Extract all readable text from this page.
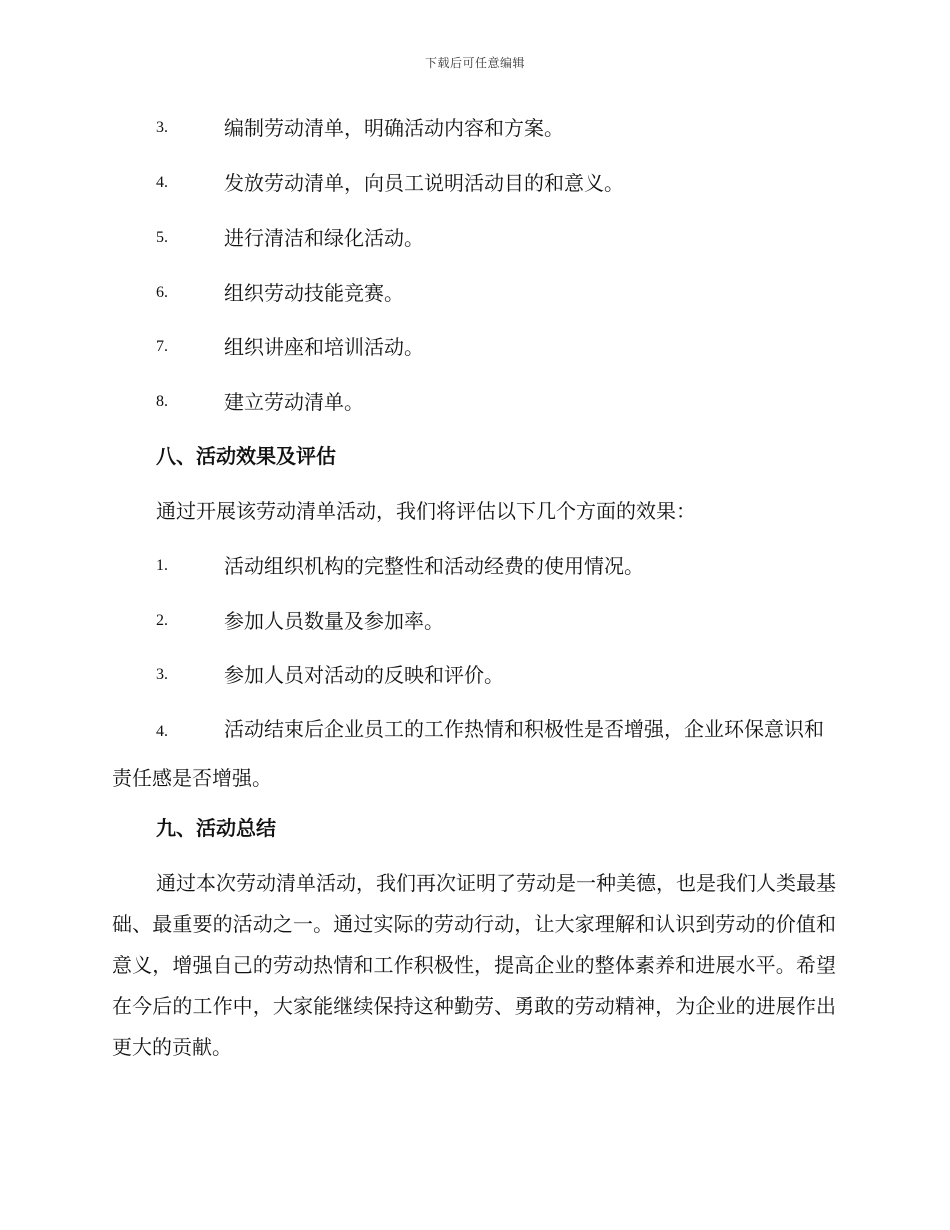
下载后可任意编辑
3.	编制劳动清单，明确活动内容和方案。
4.	发放劳动清单，向员工说明活动目的和意义。
5.	进行清洁和绿化活动。
6.	组织劳动技能竞赛。
7.	组织讲座和培训活动。
8.	建立劳动清单。
八、活动效果及评估
通过开展该劳动清单活动，我们将评估以下几个方面的效果：
1.	活动组织机构的完整性和活动经费的使用情况。
2.	参加人员数量及参加率。
3.	参加人员对活动的反映和评价。
4.	活动结束后企业员工的工作热情和积极性是否增强，企业环保意识和责任感是否增强。
九、活动总结
通过本次劳动清单活动，我们再次证明了劳动是一种美德，也是我们人类最基础、最重要的活动之一。通过实际的劳动行动，让大家理解和认识到劳动的价值和意义，增强自己的劳动热情和工作积极性，提高企业的整体素养和进展水平。希望在今后的工作中，大家能继续保持这种勤劳、勇敢的劳动精神，为企业的进展作出更大的贡献。
